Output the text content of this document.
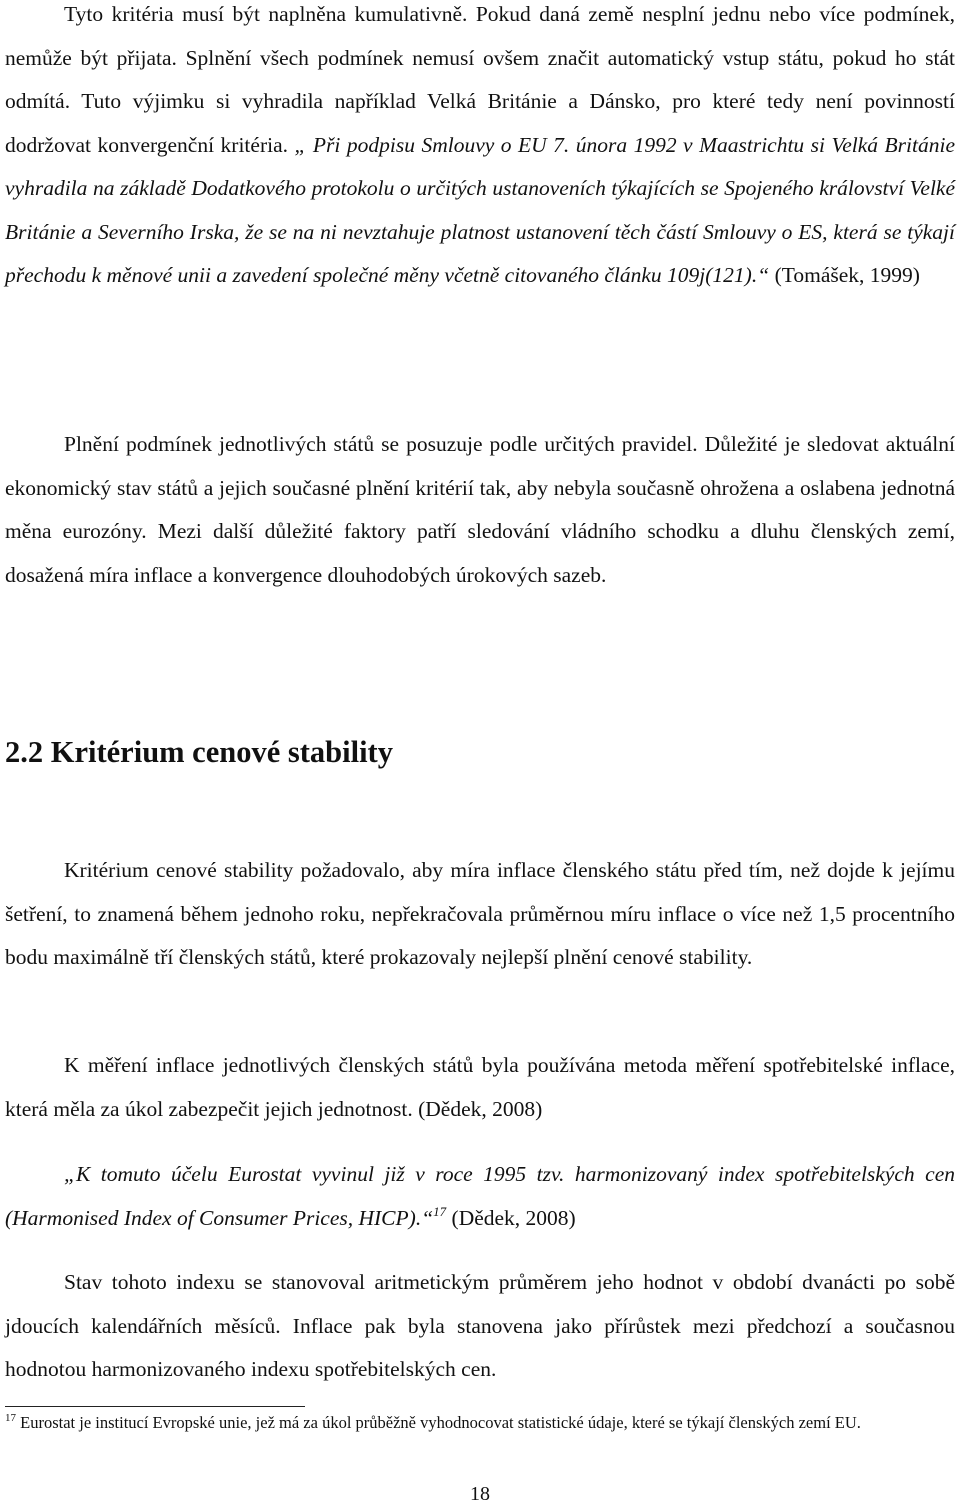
Tyto kritéria musí být naplněna kumulativně. Pokud daná země nesplní jednu nebo více podmínek, nemůže být přijata. Splnění všech podmínek nemusí ovšem značit automatický vstup státu, pokud ho stát odmítá. Tuto výjimku si vyhradila například Velká Británie a Dánsko, pro které tedy není povinností dodržovat konvergenční kritéria. „ Při podpisu Smlouvy o EU 7. února 1992 v Maastrichtu si Velká Británie vyhradila na základě Dodatkového protokolu o určitých ustanoveních týkajících se Spojeného království Velké Británie a Severního Irska, že se na ni nevztahuje platnost ustanovení těch částí Smlouvy o ES, která se týkají přechodu k měnové unii a zavedení společné měny včetně citovaného článku 109j(121).“ (Tomášek, 1999)

Plnění podmínek jednotlivých států se posuzuje podle určitých pravidel. Důležité je sledovat aktuální ekonomický stav států a jejich současné plnění kritérií tak, aby nebyla současně ohrožena a oslabena jednotná měna eurozóny. Mezi další důležité faktory patří sledování vládního schodku a dluhu členských zemí, dosažená míra inflace a konvergence dlouhodobých úrokových sazeb.

2.2 Kritérium cenové stability

Kritérium cenové stability požadovalo, aby míra inflace členského státu před tím, než dojde k jejímu šetření, to znamená během jednoho roku, nepřekračovala průměrnou míru inflace o více než 1,5 procentního bodu maximálně tří členských států, které prokazovaly nejlepší plnění cenové stability.

K měření inflace jednotlivých členských států byla používána metoda měření spotřebitelské inflace, která měla za úkol zabezpečit jejich jednotnost. (Dědek, 2008)

„K tomuto účelu Eurostat vyvinul již v roce 1995 tzv. harmonizovaný index spotřebitelských cen (Harmonised Index of Consumer Prices, HICP).“$^{17}$ (Dědek, 2008)

Stav tohoto indexu se stanovoval aritmetickým průměrem jeho hodnot v období dvanácti po sobě jdoucích kalendářních měsíců. Inflace pak byla stanovena jako přírůstek mezi předchozí a současnou hodnotou harmonizovaného indexu spotřebitelských cen.

$^{17}$ Eurostat je institucí Evropské unie, jež má za úkol průběžně vyhodnocovat statistické údaje, které se týkají členských zemí EU.
18
